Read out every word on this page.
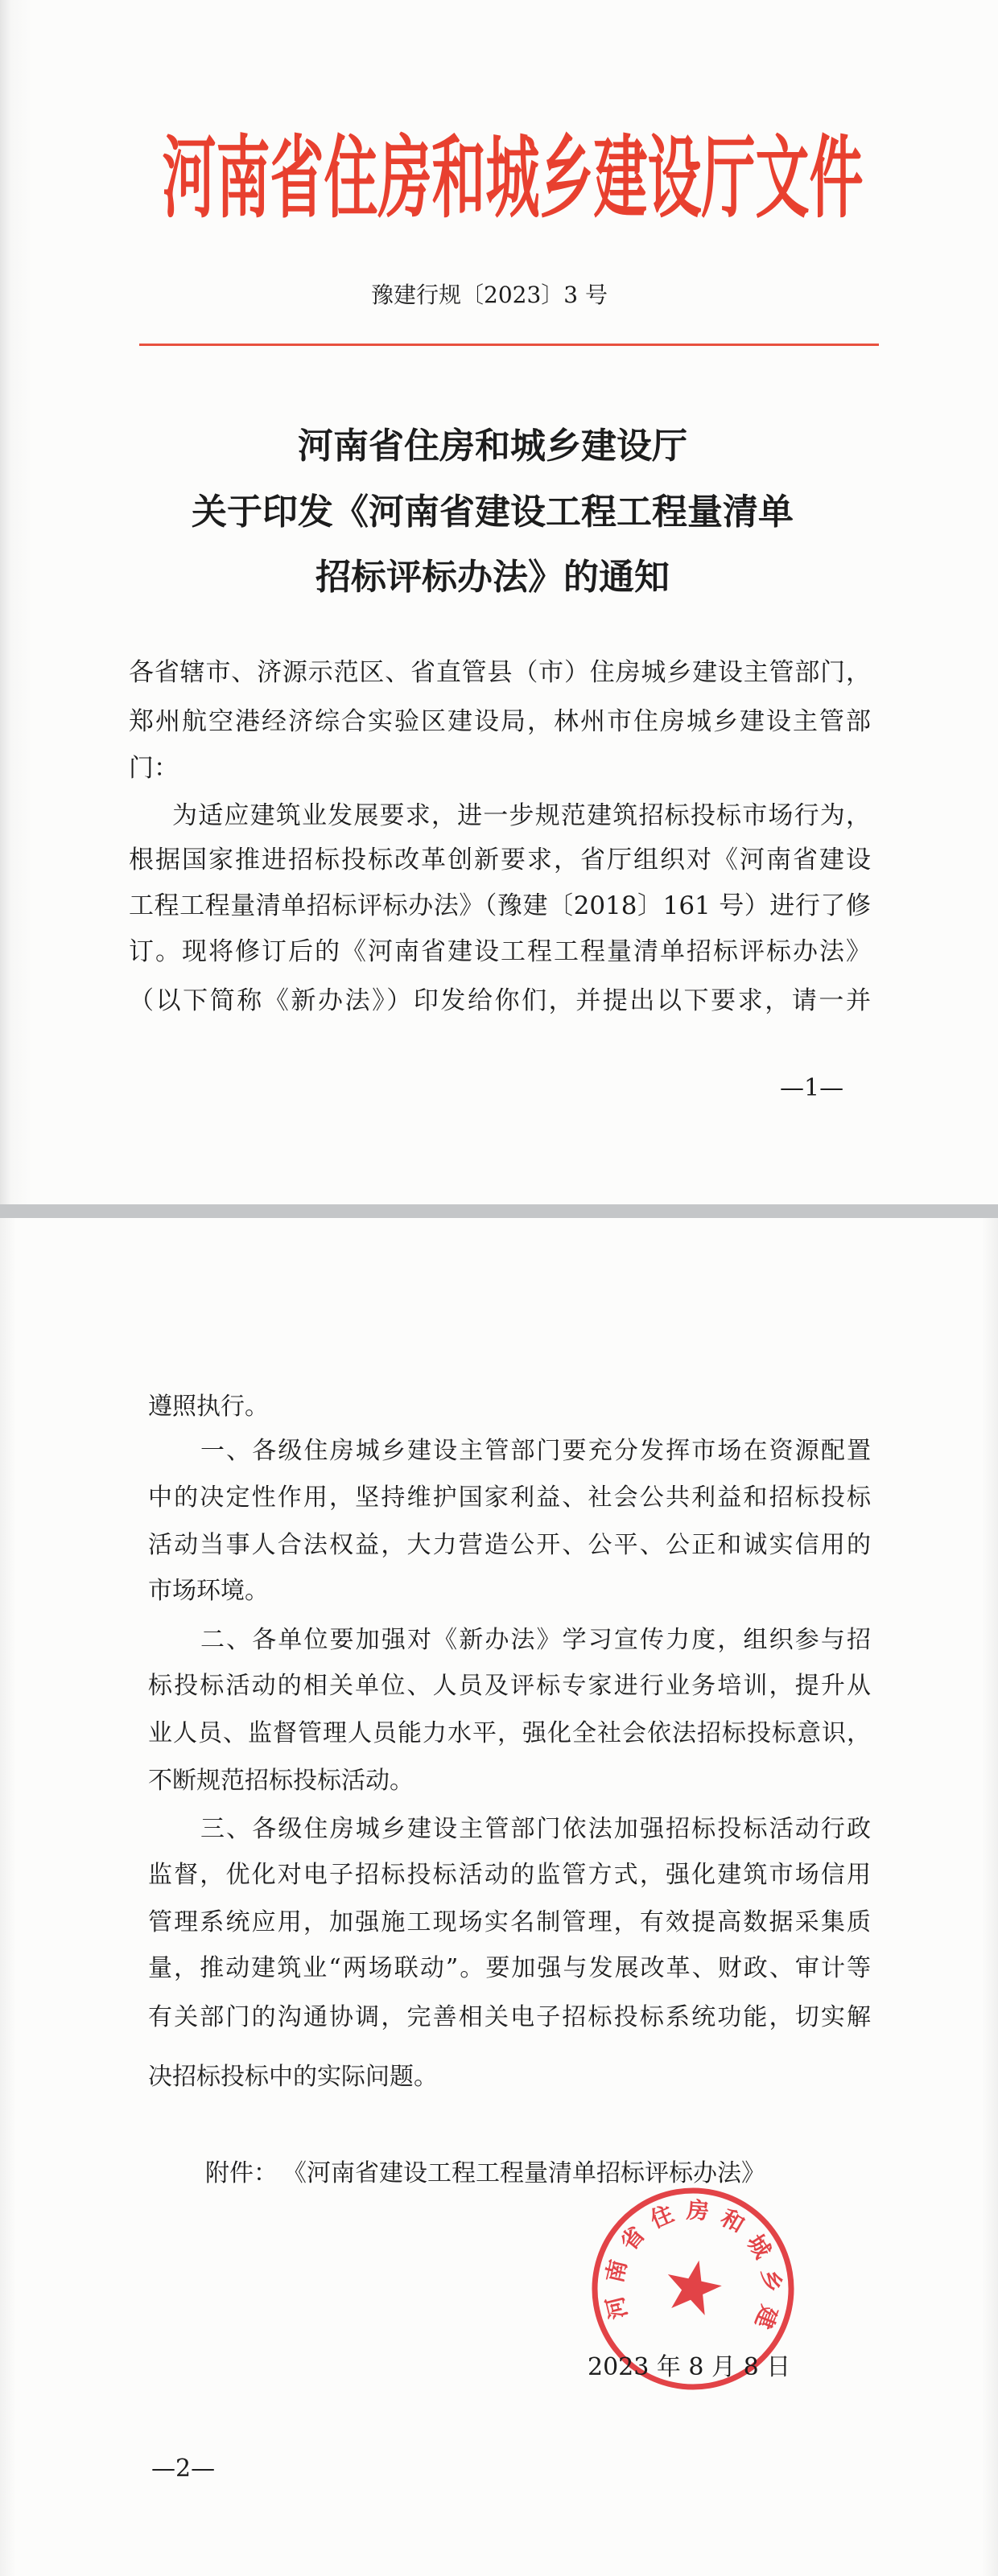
河南省住房和城乡建设厅文件
豫建行规〔2023〕3 号
河南省住房和城乡建设厅
关于印发《河南省建设工程工程量清单
招标评标办法》的通知
各省辖市、济源示范区、省直管县（市）住房城乡建设主管部门，
郑州航空港经济综合实验区建设局，林州市住房城乡建设主管部
门：
为适应建筑业发展要求，进一步规范建筑招标投标市场行为，
根据国家推进招标投标改革创新要求，省厅组织对《河南省建设
工程工程量清单招标评标办法》（豫建〔2018〕161 号）进行了修
订。现将修订后的《河南省建设工程工程量清单招标评标办法》
（以下简称《新办法》）印发给你们，并提出以下要求，请一并
—1—
遵照执行。
一、各级住房城乡建设主管部门要充分发挥市场在资源配置
中的决定性作用，坚持维护国家利益、社会公共利益和招标投标
活动当事人合法权益，大力营造公开、公平、公正和诚实信用的
市场环境。
二、各单位要加强对《新办法》学习宣传力度，组织参与招
标投标活动的相关单位、人员及评标专家进行业务培训，提升从
业人员、监督管理人员能力水平，强化全社会依法招标投标意识，
不断规范招标投标活动。
三、各级住房城乡建设主管部门依法加强招标投标活动行政
监督，优化对电子招标投标活动的监管方式，强化建筑市场信用
管理系统应用，加强施工现场实名制管理，有效提高数据采集质
量，推动建筑业“两场联动”。要加强与发展改革、财政、审计等
有关部门的沟通协调，完善相关电子招标投标系统功能，切实解
决招标投标中的实际问题。
附件： 《河南省建设工程工程量清单招标评标办法》
河南省住房和城乡建设厅
2023 年 8 月 8 日
—2—
